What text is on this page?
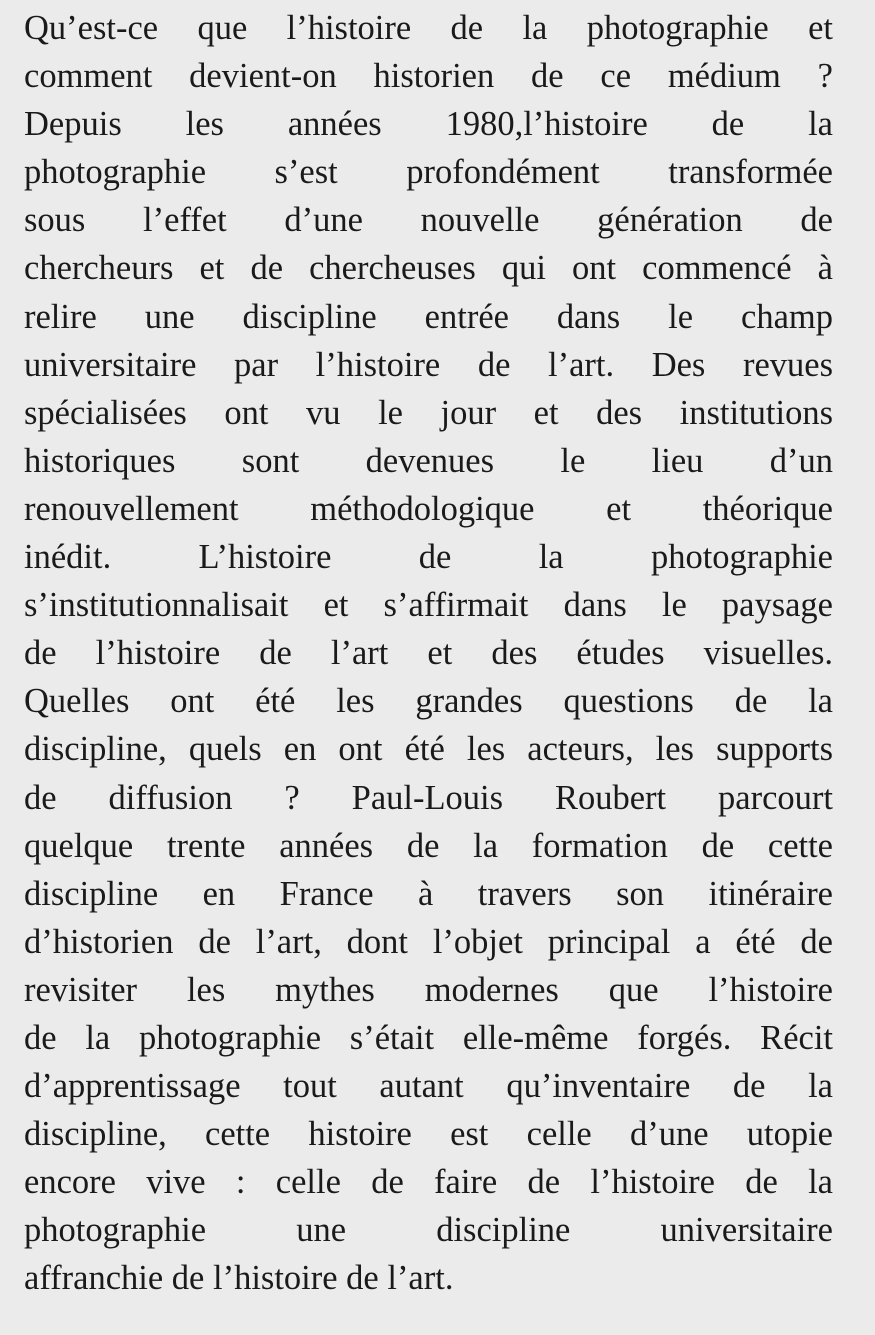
Qu’est-ce que l’histoire de la photographie et
comment devient-on historien de ce médium ?
Depuis les années 1980,l’histoire de la
photographie s’est profondément transformée
sous l’effet d’une nouvelle génération de
chercheurs et de chercheuses qui ont commencé à
relire une discipline entrée dans le champ
universitaire par l’histoire de l’art. Des revues
spécialisées ont vu le jour et des institutions
historiques sont devenues le lieu d’un
renouvellement méthodologique et théorique
inédit. L’histoire de la photographie
s’institutionnalisait et s’affirmait dans le paysage
de l’histoire de l’art et des études visuelles.
Quelles ont été les grandes questions de la
discipline, quels en ont été les acteurs, les supports
de diffusion ? Paul-Louis Roubert parcourt
quelque trente années de la formation de cette
discipline en France à travers son itinéraire
d’historien de l’art, dont l’objet principal a été de
revisiter les mythes modernes que l’histoire
de la photographie s’était elle-même forgés. Récit
d’apprentissage tout autant qu’inventaire de la
discipline, cette histoire est celle d’une utopie
encore vive : celle de faire de l’histoire de la
photographie une discipline universitaire
affranchie de l’histoire de l’art.
